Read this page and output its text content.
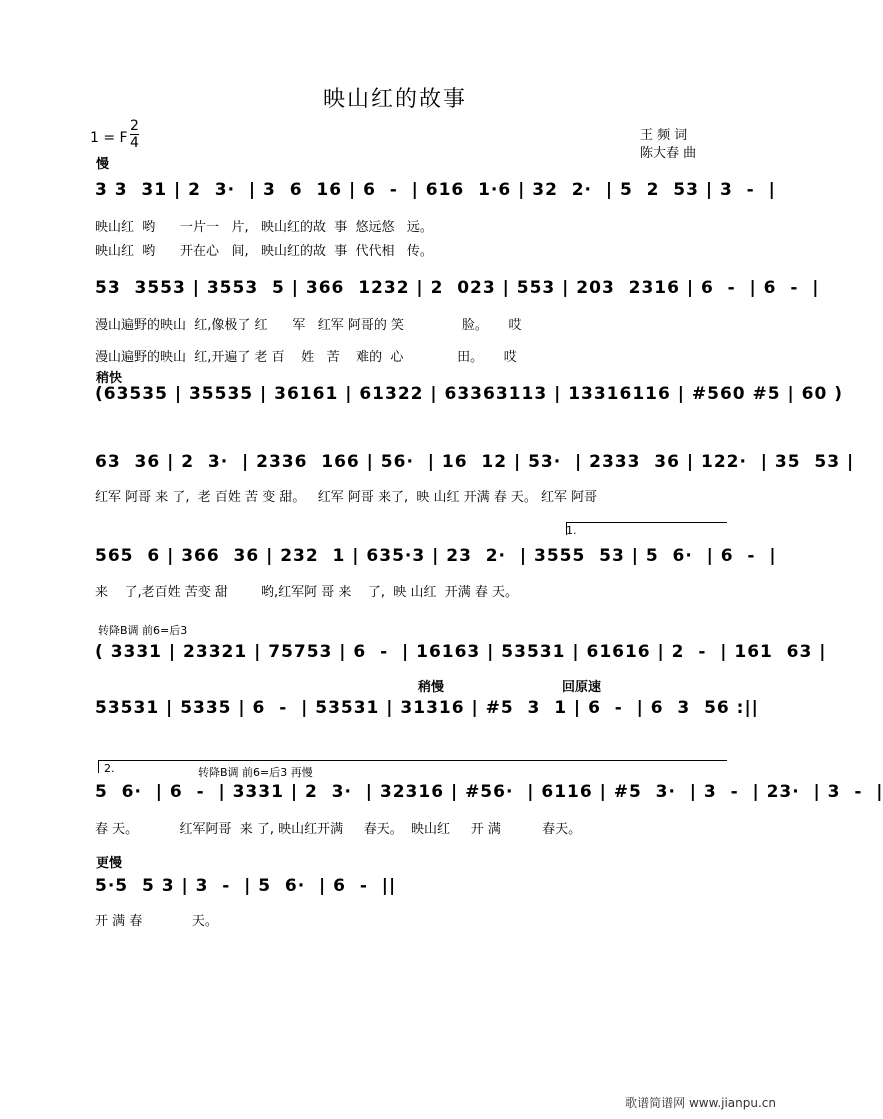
映山红的故事
1 = F
2
4	王 频 词
陈大春 曲
慢
3 3  31 | 2  3·  | 3  6  16 | 6  -  | 616  1·6 | 32  2·  | 5  2  53 | 3  -  |
映山红  哟      一片一   片,   映山红的故  事  悠远悠   远。
映山红  哟      开在心   间,   映山红的故  事  代代相   传。
53  3553 | 3553  5 | 366  1232 | 2  023 | 553 | 203  2316 | 6  -  | 6  -  |
漫山遍野的映山  红,像极了 红      军   红军 阿哥的 笑              脸。     哎
漫山遍野的映山  红,开遍了 老 百    姓   苦    难的  心             田。     哎
稍快
(63535 | 35535 | 36161 | 61322 | 63363113 | 13316116 | #560 #5 | 60 )
63  36 | 2  3·  | 2336  166 | 56·  | 16  12 | 53·  | 2333  36 | 122·  | 35  53 |
红军 阿哥 来 了,  老 百姓 苦 变 甜。   红军 阿哥 来了,  映 山红 开满 春 天。 红军 阿哥
1.
565  6 | 366  36 | 232  1 | 635·3 | 23  2·  | 3555  53 | 5  6·  | 6  -  |
来    了,老百姓 苦变 甜        哟,红军阿 哥 来    了,  映 山红  开满 春 天。
转降B调 前6=后3
( 3331 | 23321 | 75753 | 6  -  | 16163 | 53531 | 61616 | 2  -  | 161  63 |
稍慢	回原速
53531 | 5335 | 6  -  | 53531 | 31316 | #5  3  1 | 6  -  | 6  3  56 :||
2.	转降B调 前6=后3 再慢
5  6·  | 6  -  | 3331 | 2  3·  | 32316 | #56·  | 6116 | #5  3·  | 3  -  | 23·  | 3  -  |
春 天。          红军阿哥  来 了, 映山红开满     春天。  映山红     开 满          春天。
更慢
5·5  5 3 | 3  -  | 5  6·  | 6  -  ||
开 满 春            天。
歌谱简谱网 www.jianpu.cn
